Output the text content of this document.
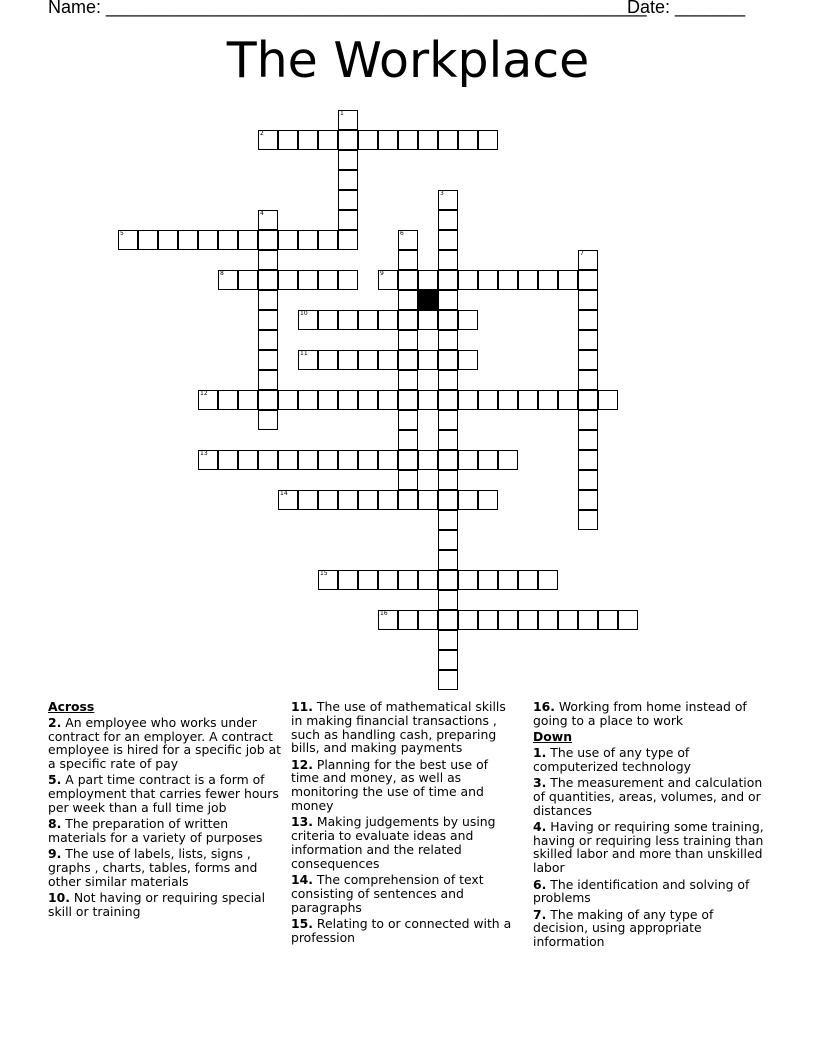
Name: ______________________________________________________
Date: _______
The Workplace
1
2
3
4
5	6
7
8	9
10
11
12
13
14
15
16
Across
2. An employee who works under contract for an employer. A contract employee is hired for a specific job at a specific rate of pay
5. A part time contract is a form of employment that carries fewer hours per week than a full time job
8. The preparation of written materials for a variety of purposes
9. The use of labels, lists, signs , graphs , charts, tables, forms and other similar materials
10. Not having or requiring special skill or training
11. The use of mathematical skills in making financial transactions , such as handling cash, preparing bills, and making payments
12. Planning for the best use of time and money, as well as monitoring the use of time and money
13. Making judgements by using criteria to evaluate ideas and information and the related consequences
14. The comprehension of text consisting of sentences and paragraphs
15. Relating to or connected with a profession
16. Working from home instead of going to a place to work
Down
1. The use of any type of computerized technology
3. The measurement and calculation of quantities, areas, volumes, and or distances
4. Having or requiring some training, having or requiring less training than skilled labor and more than unskilled labor
6. The identification and solving of problems
7. The making of any type of decision, using appropriate information
